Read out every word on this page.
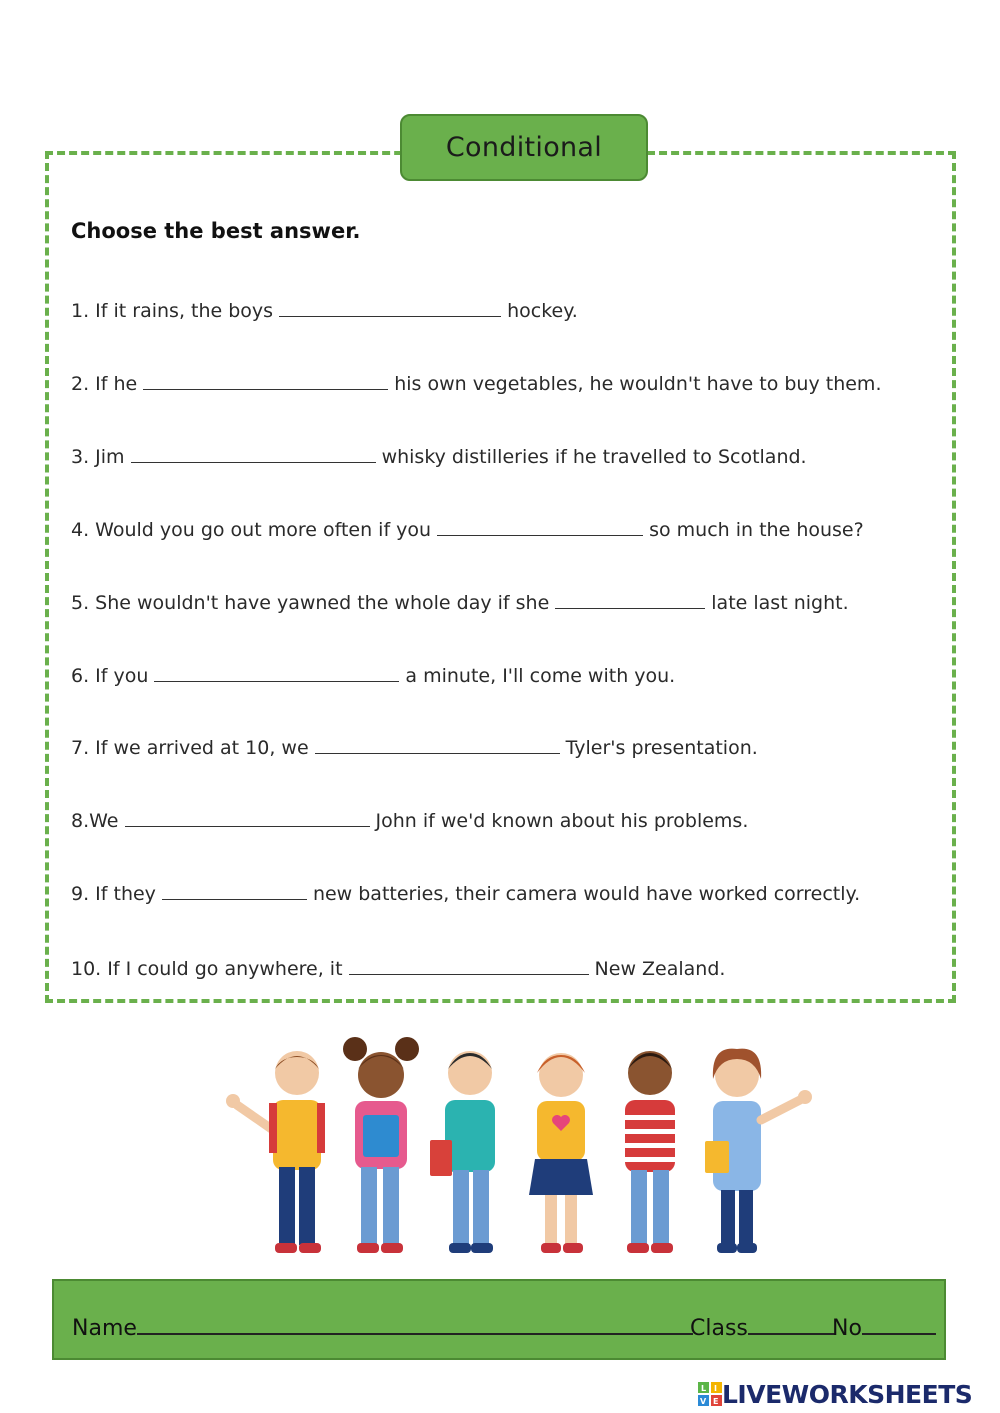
Conditional
Choose the best answer.
1. If it rains, the boys	hockey.
2. If he	his own vegetables, he wouldn't have to buy them.
3. Jim	whisky distilleries if he travelled to Scotland.
4. Would you go out more often if you	so much in the house?
5. She wouldn't have yawned the whole day if she	late last night.
6. If you	a minute, I'll come with you.
7. If we arrived at 10, we	Tyler's presentation.
8.We	John if we'd known about his problems.
9. If they	new batteries, their camera would have worked correctly.
10. If I could go anywhere, it	New Zealand.
Name	Class	No
L I V E LIVEWORKSHEETS
